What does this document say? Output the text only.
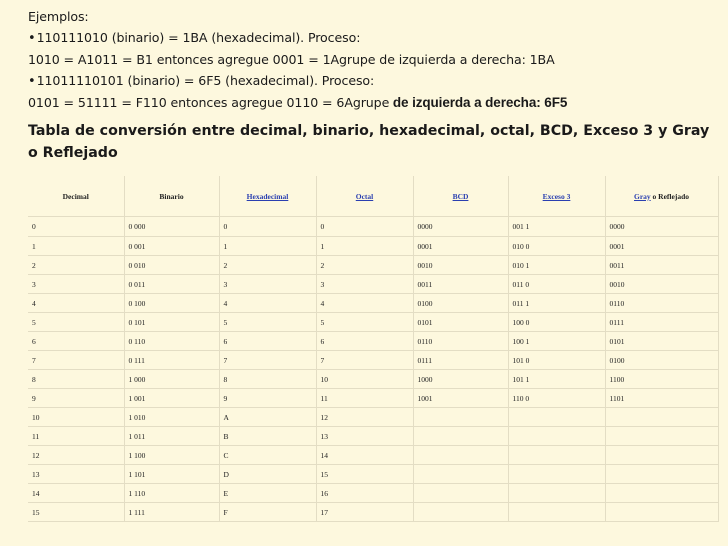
Ejemplos:
•110111010 (binario) = 1BA (hexadecimal). Proceso:
1010 = A1011 = B1 entonces agregue 0001 = 1Agrupe de izquierda a derecha: 1BA
•11011110101 (binario) = 6F5 (hexadecimal). Proceso:
0101 = 51111 = F110 entonces agregue 0110 = 6Agrupe de izquierda a derecha: 6F5
Tabla de conversión entre decimal, binario, hexadecimal, octal, BCD, Exceso 3 y Gray o Reflejado
Decimal	Binario	Hexadecimal	Octal	BCD	Exceso 3	Gray o Reflejado
0	0 000	0	0	0000	001 1	0000
1	0 001	1	1	0001	010 0	0001
2	0 010	2	2	0010	010 1	0011
3	0 011	3	3	0011	011 0	0010
4	0 100	4	4	0100	011 1	0110
5	0 101	5	5	0101	100 0	0111
6	0 110	6	6	0110	100 1	0101
7	0 111	7	7	0111	101 0	0100
8	1 000	8	10	1000	101 1	1100
9	1 001	9	11	1001	110 0	1101
10	1 010	A	12			
11	1 011	B	13			
12	1 100	C	14			
13	1 101	D	15			
14	1 110	E	16			
15	1 111	F	17			
